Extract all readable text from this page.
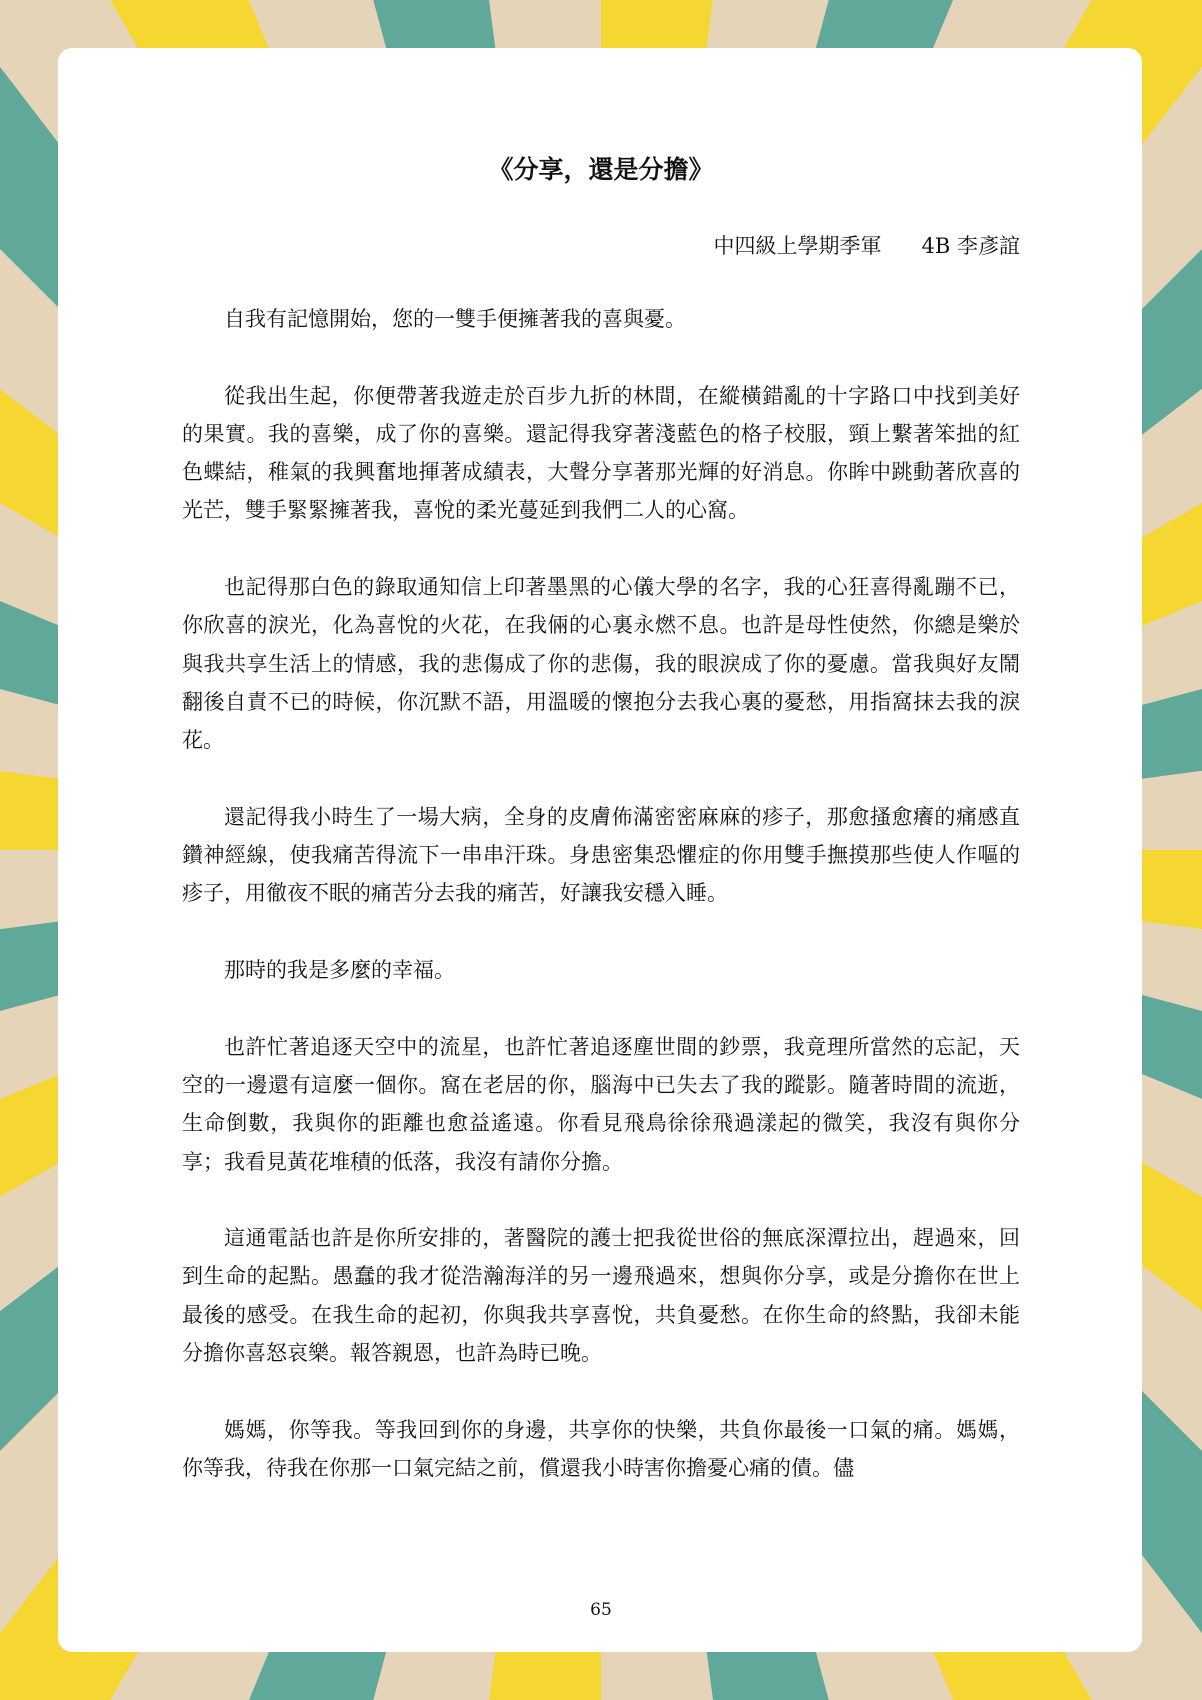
《分享，還是分擔》
中四級上學期季軍      4B 李彥誼

自我有記憶開始，您的一雙手便擁著我的喜與憂。

從我出生起，你便帶著我遊走於百步九折的林間，在縱橫錯亂的十字路口中找到美好的果實。我的喜樂，成了你的喜樂。還記得我穿著淺藍色的格子校服，頸上繫著笨拙的紅色蝶結，稚氣的我興奮地揮著成績表，大聲分享著那光輝的好消息。你眸中跳動著欣喜的光芒，雙手緊緊擁著我，喜悅的柔光蔓延到我們二人的心窩。

也記得那白色的錄取通知信上印著墨黑的心儀大學的名字，我的心狂喜得亂蹦不已，你欣喜的淚光，化為喜悅的火花，在我倆的心裏永燃不息。也許是母性使然，你總是樂於與我共享生活上的情感，我的悲傷成了你的悲傷，我的眼淚成了你的憂慮。當我與好友鬧翻後自責不已的時候，你沉默不語，用溫暖的懷抱分去我心裏的憂愁，用指窩抹去我的淚花。

還記得我小時生了一場大病，全身的皮膚佈滿密密麻麻的疹子，那愈搔愈癢的痛感直鑽神經線，使我痛苦得流下一串串汗珠。身患密集恐懼症的你用雙手撫摸那些使人作嘔的疹子，用徹夜不眠的痛苦分去我的痛苦，好讓我安穩入睡。

那時的我是多麼的幸福。

也許忙著追逐天空中的流星，也許忙著追逐塵世間的鈔票，我竟理所當然的忘記，天空的一邊還有這麼一個你。窩在老居的你，腦海中已失去了我的蹤影。隨著時間的流逝，生命倒數，我與你的距離也愈益遙遠。你看見飛鳥徐徐飛過漾起的微笑，我沒有與你分享；我看見黃花堆積的低落，我沒有請你分擔。

這通電話也許是你所安排的，著醫院的護士把我從世俗的無底深潭拉出，趕過來，回到生命的起點。愚蠢的我才從浩瀚海洋的另一邊飛過來，想與你分享，或是分擔你在世上最後的感受。在我生命的起初，你與我共享喜悅，共負憂愁。在你生命的終點，我卻未能分擔你喜怒哀樂。報答親恩，也許為時已晚。

媽媽，你等我。等我回到你的身邊，共享你的快樂，共負你最後一口氣的痛。媽媽，你等我，待我在你那一口氣完結之前，償還我小時害你擔憂心痛的債。儘

65
